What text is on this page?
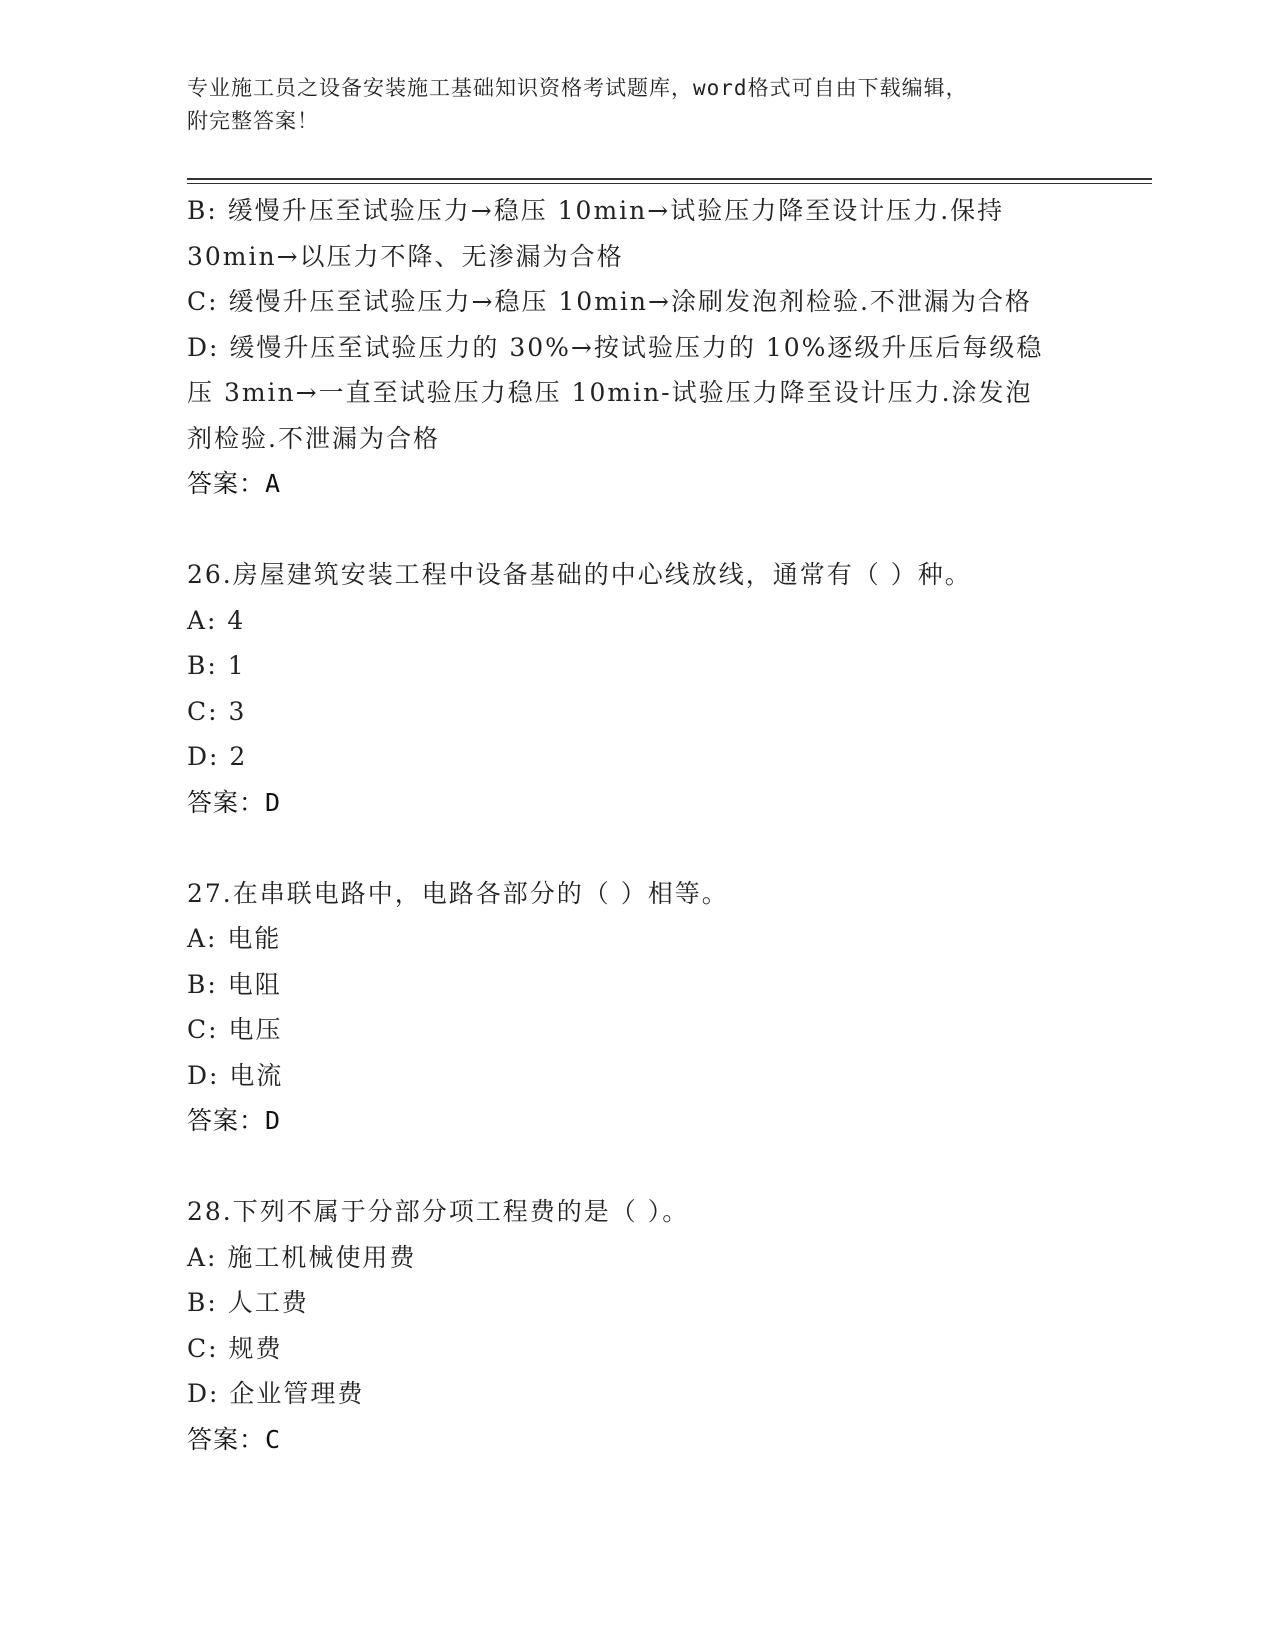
专业施工员之设备安装施工基础知识资格考试题库，word格式可自由下载编辑，
附完整答案！
B: 缓慢升压至试验压力→稳压 10min→试验压力降至设计压力.保持
30min→以压力不降、无渗漏为合格
C: 缓慢升压至试验压力→稳压 10min→涂刷发泡剂检验.不泄漏为合格
D: 缓慢升压至试验压力的 30%→按试验压力的 10%逐级升压后每级稳
压 3min→一直至试验压力稳压 10min-试验压力降至设计压力.涂发泡
剂检验.不泄漏为合格
答案：A
26.房屋建筑安装工程中设备基础的中心线放线，通常有（ ）种。
A: 4
B: 1
C: 3
D: 2
答案：D
27.在串联电路中，电路各部分的（ ）相等。
A: 电能
B: 电阻
C: 电压
D: 电流
答案：D
28.下列不属于分部分项工程费的是（ ）。
A: 施工机械使用费
B: 人工费
C: 规费
D: 企业管理费
答案：C
